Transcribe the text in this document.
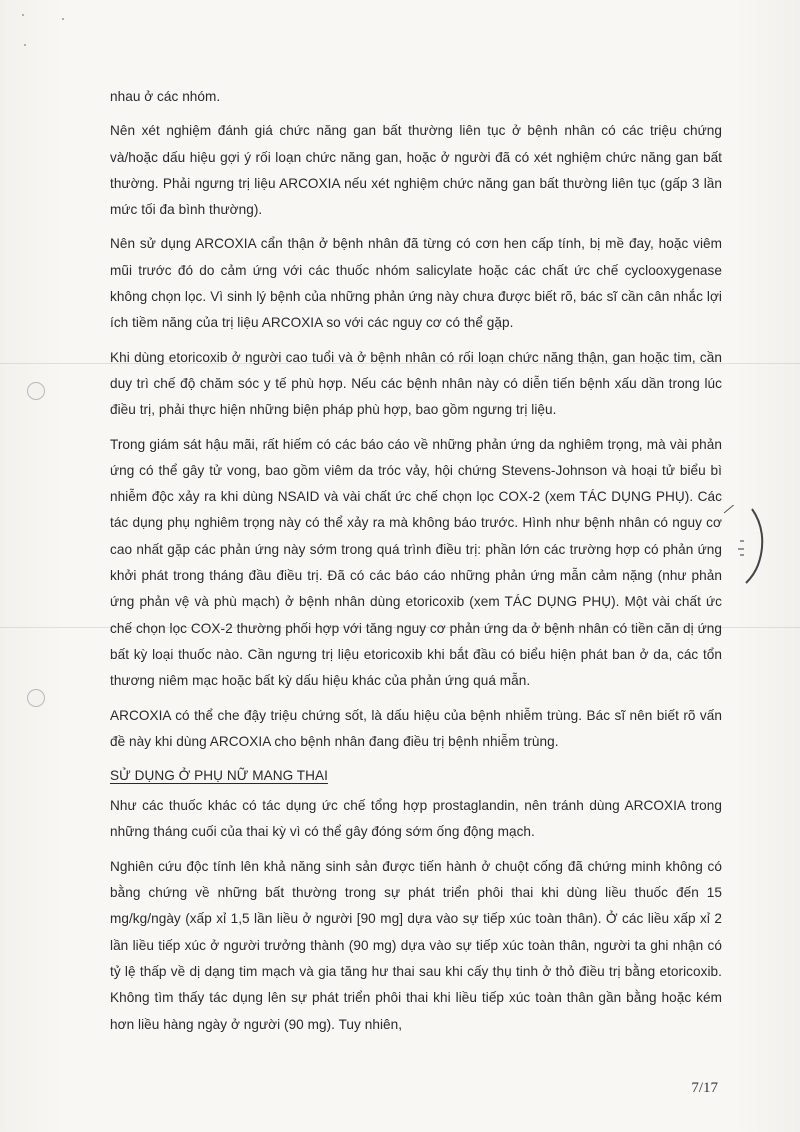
nhau ở các nhóm.

Nên xét nghiệm đánh giá chức năng gan bất thường liên tục ở bệnh nhân có các triệu chứng và/hoặc dấu hiệu gợi ý rối loạn chức năng gan, hoặc ở người đã có xét nghiệm chức năng gan bất thường. Phải ngưng trị liệu ARCOXIA nếu xét nghiệm chức năng gan bất thường liên tục (gấp 3 lần mức tối đa bình thường).

Nên sử dụng ARCOXIA cẩn thận ở bệnh nhân đã từng có cơn hen cấp tính, bị mề đay, hoặc viêm mũi trước đó do cảm ứng với các thuốc nhóm salicylate hoặc các chất ức chế cyclooxygenase không chọn lọc. Vì sinh lý bệnh của những phản ứng này chưa được biết rõ, bác sĩ cần cân nhắc lợi ích tiềm năng của trị liệu ARCOXIA so với các nguy cơ có thể gặp.

Khi dùng etoricoxib ở người cao tuổi và ở bệnh nhân có rối loạn chức năng thận, gan hoặc tim, cần duy trì chế độ chăm sóc y tế phù hợp. Nếu các bệnh nhân này có diễn tiến bệnh xấu dần trong lúc điều trị, phải thực hiện những biện pháp phù hợp, bao gồm ngưng trị liệu.

Trong giám sát hậu mãi, rất hiếm có các báo cáo về những phản ứng da nghiêm trọng, mà vài phản ứng có thể gây tử vong, bao gồm viêm da tróc vảy, hội chứng Stevens-Johnson và hoại tử biểu bì nhiễm độc xảy ra khi dùng NSAID và vài chất ức chế chọn lọc COX-2 (xem TÁC DỤNG PHỤ). Các tác dụng phụ nghiêm trọng này có thể xảy ra mà không báo trước. Hình như bệnh nhân có nguy cơ cao nhất gặp các phản ứng này sớm trong quá trình điều trị: phần lớn các trường hợp có phản ứng khởi phát trong tháng đầu điều trị. Đã có các báo cáo những phản ứng mẫn cảm nặng (như phản ứng phản vệ và phù mạch) ở bệnh nhân dùng etoricoxib (xem TÁC DỤNG PHỤ). Một vài chất ức chế chọn lọc COX-2 thường phối hợp với tăng nguy cơ phản ứng da ở bệnh nhân có tiền căn dị ứng bất kỳ loại thuốc nào. Cần ngưng trị liệu etoricoxib khi bắt đầu có biểu hiện phát ban ở da, các tổn thương niêm mạc hoặc bất kỳ dấu hiệu khác của phản ứng quá mẫn.

ARCOXIA có thể che đậy triệu chứng sốt, là dấu hiệu của bệnh nhiễm trùng. Bác sĩ nên biết rõ vấn đề này khi dùng ARCOXIA cho bệnh nhân đang điều trị bệnh nhiễm trùng.

SỬ DỤNG Ở PHỤ NỮ MANG THAI

Như các thuốc khác có tác dụng ức chế tổng hợp prostaglandin, nên tránh dùng ARCOXIA trong những tháng cuối của thai kỳ vì có thể gây đóng sớm ống động mạch.

Nghiên cứu độc tính lên khả năng sinh sản được tiến hành ở chuột cống đã chứng minh không có bằng chứng về những bất thường trong sự phát triển phôi thai khi dùng liều thuốc đến 15 mg/kg/ngày (xấp xỉ 1,5 lần liều ở người [90 mg] dựa vào sự tiếp xúc toàn thân). Ở các liều xấp xỉ 2 lần liều tiếp xúc ở người trưởng thành (90 mg) dựa vào sự tiếp xúc toàn thân, người ta ghi nhận có tỷ lệ thấp về dị dạng tim mạch và gia tăng hư thai sau khi cấy thụ tinh ở thỏ điều trị bằng etoricoxib. Không tìm thấy tác dụng lên sự phát triển phôi thai khi liều tiếp xúc toàn thân gần bằng hoặc kém hơn liều hàng ngày ở người (90 mg). Tuy nhiên,

7/17
